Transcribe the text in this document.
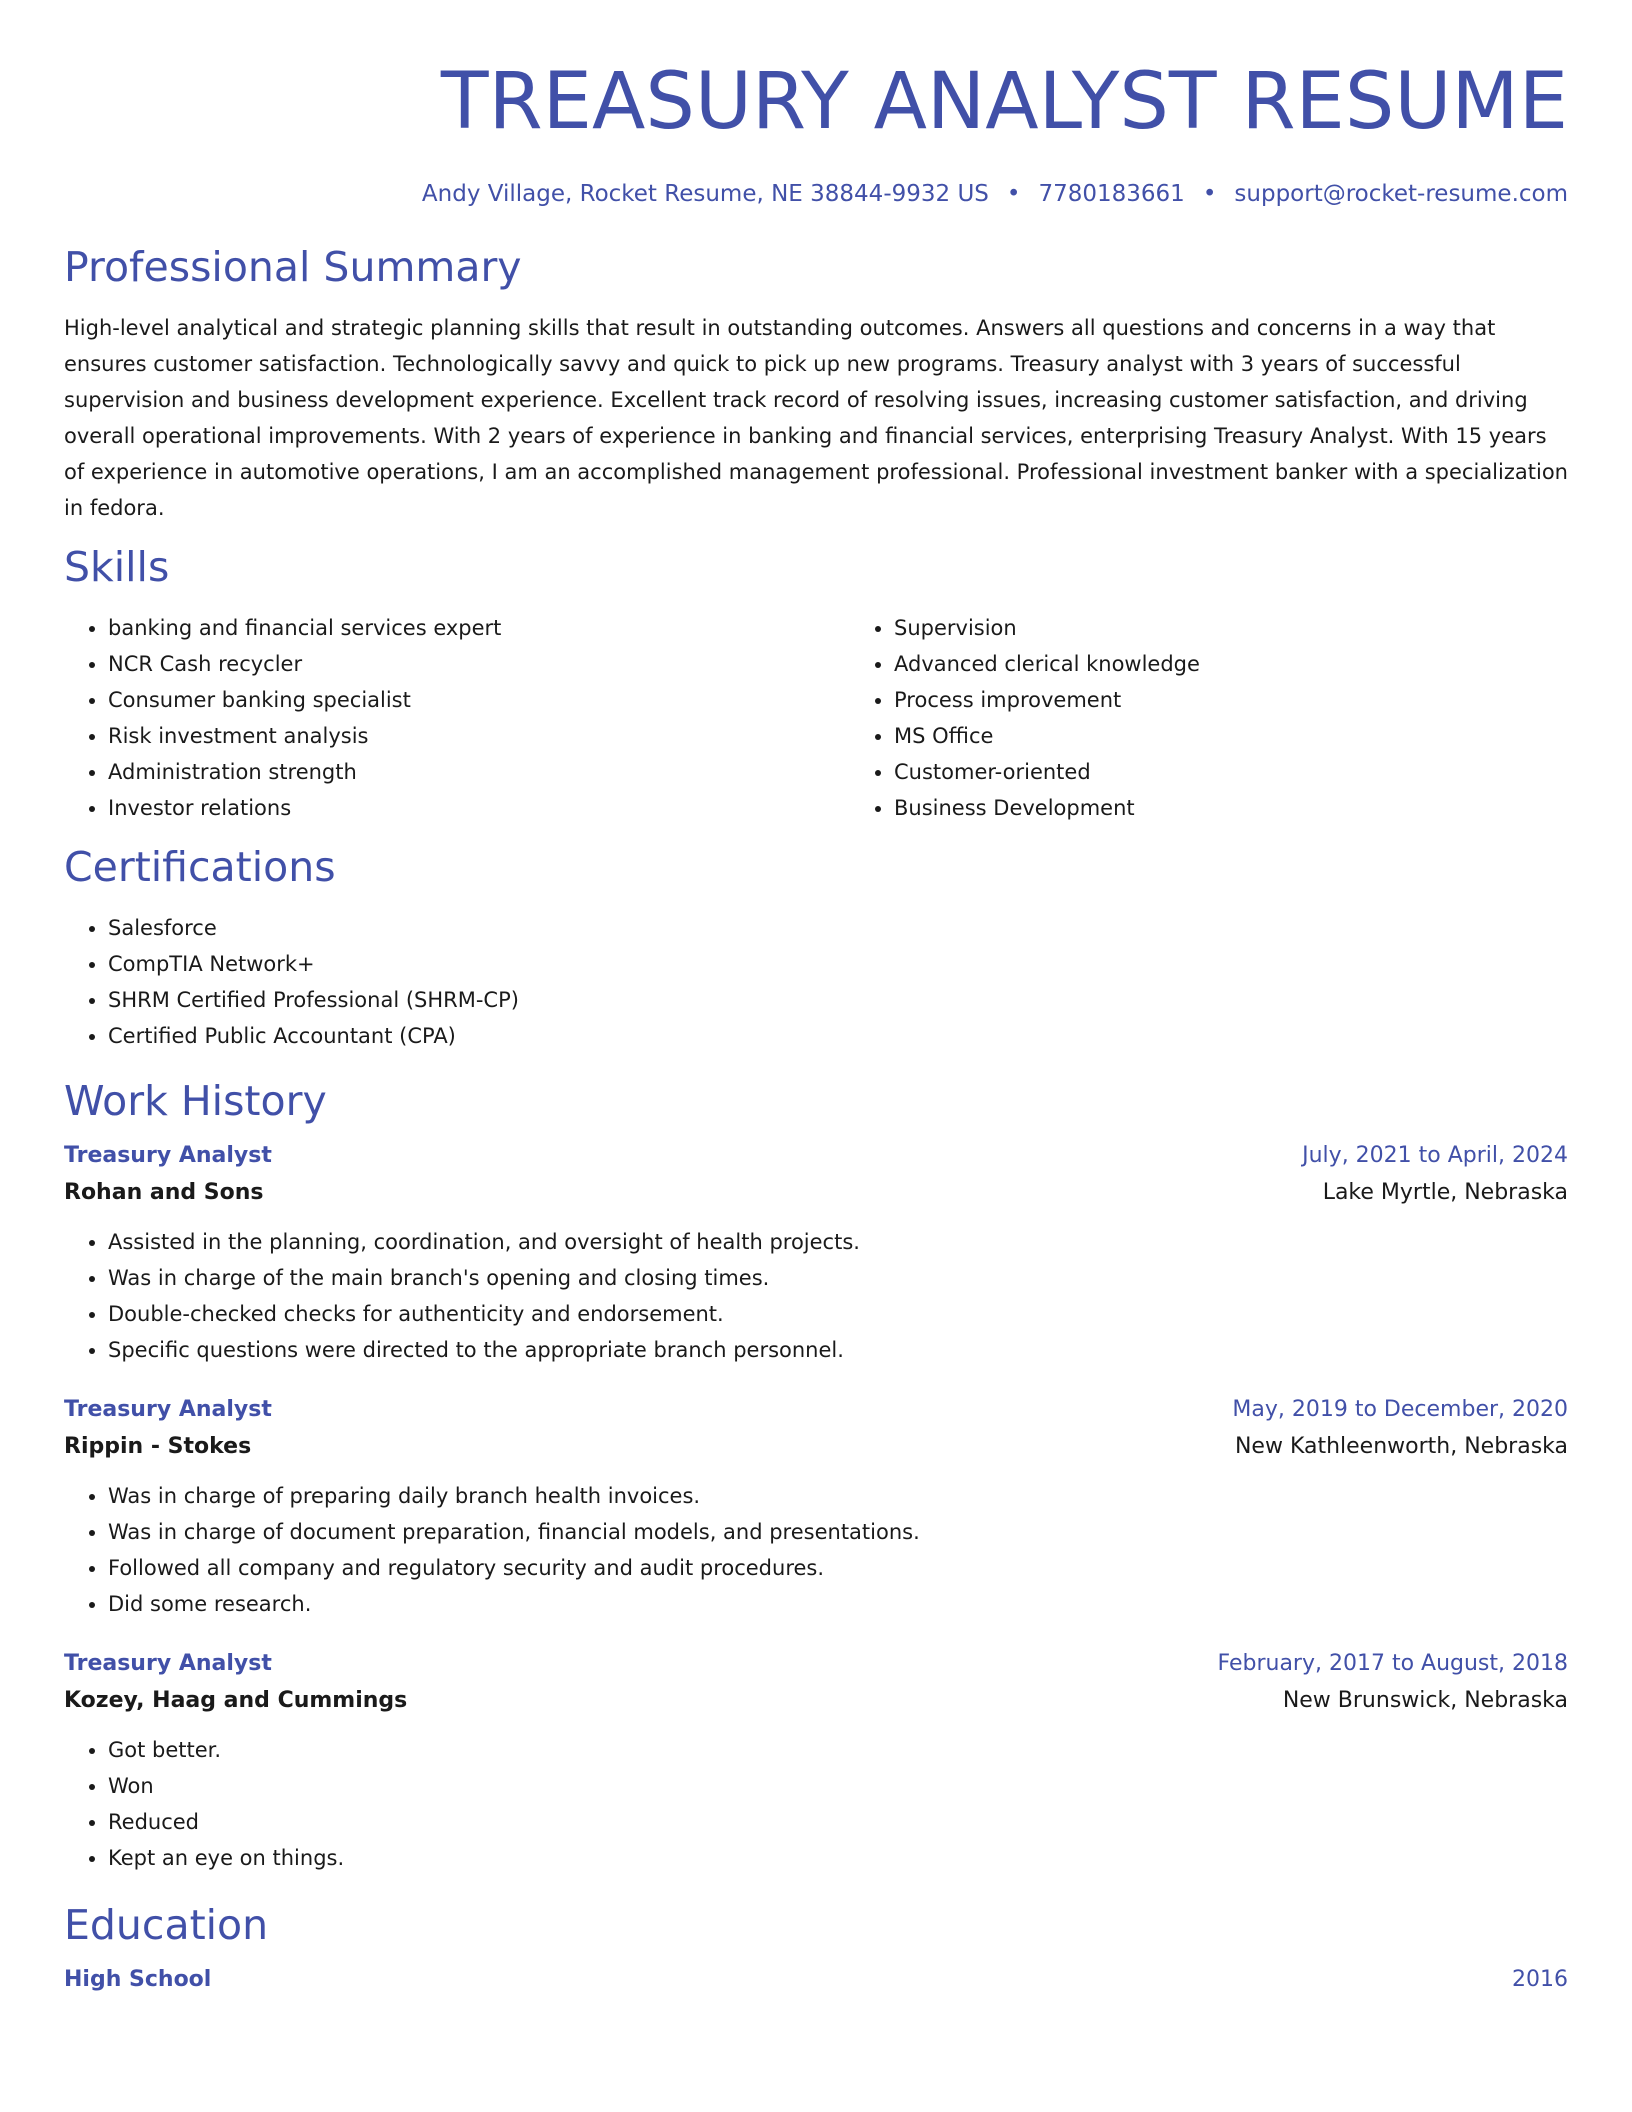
TREASURY ANALYST RESUME
Andy Village, Rocket Resume, NE 38844-9932 US • 7780183661 • support@rocket-resume.com
Professional Summary

High-level analytical and strategic planning skills that result in outstanding outcomes. Answers all questions and concerns in a way that ensures customer satisfaction. Technologically savvy and quick to pick up new programs. Treasury analyst with 3 years of successful supervision and business development experience. Excellent track record of resolving issues, increasing customer satisfaction, and driving overall operational improvements. With 2 years of experience in banking and financial services, enterprising Treasury Analyst. With 15 years of experience in automotive operations, I am an accomplished management professional. Professional investment banker with a specialization in fedora.

Skills
• banking and financial services expert
• NCR Cash recycler
• Consumer banking specialist
• Risk investment analysis
• Administration strength
• Investor relations
• Supervision
• Advanced clerical knowledge
• Process improvement
• MS Office
• Customer-oriented
• Business Development
Certifications
• Salesforce
• CompTIA Network+
• SHRM Certified Professional (SHRM-CP)
• Certified Public Accountant (CPA)
Work History
Treasury Analyst	July, 2021 to April, 2024
Rohan and Sons	Lake Myrtle, Nebraska
• Assisted in the planning, coordination, and oversight of health projects.
• Was in charge of the main branch's opening and closing times.
• Double-checked checks for authenticity and endorsement.
• Specific questions were directed to the appropriate branch personnel.
Treasury Analyst	May, 2019 to December, 2020
Rippin - Stokes	New Kathleenworth, Nebraska
• Was in charge of preparing daily branch health invoices.
• Was in charge of document preparation, financial models, and presentations.
• Followed all company and regulatory security and audit procedures.
• Did some research.
Treasury Analyst	February, 2017 to August, 2018
Kozey, Haag and Cummings	New Brunswick, Nebraska
• Got better.
• Won
• Reduced
• Kept an eye on things.
Education
High School	2016
